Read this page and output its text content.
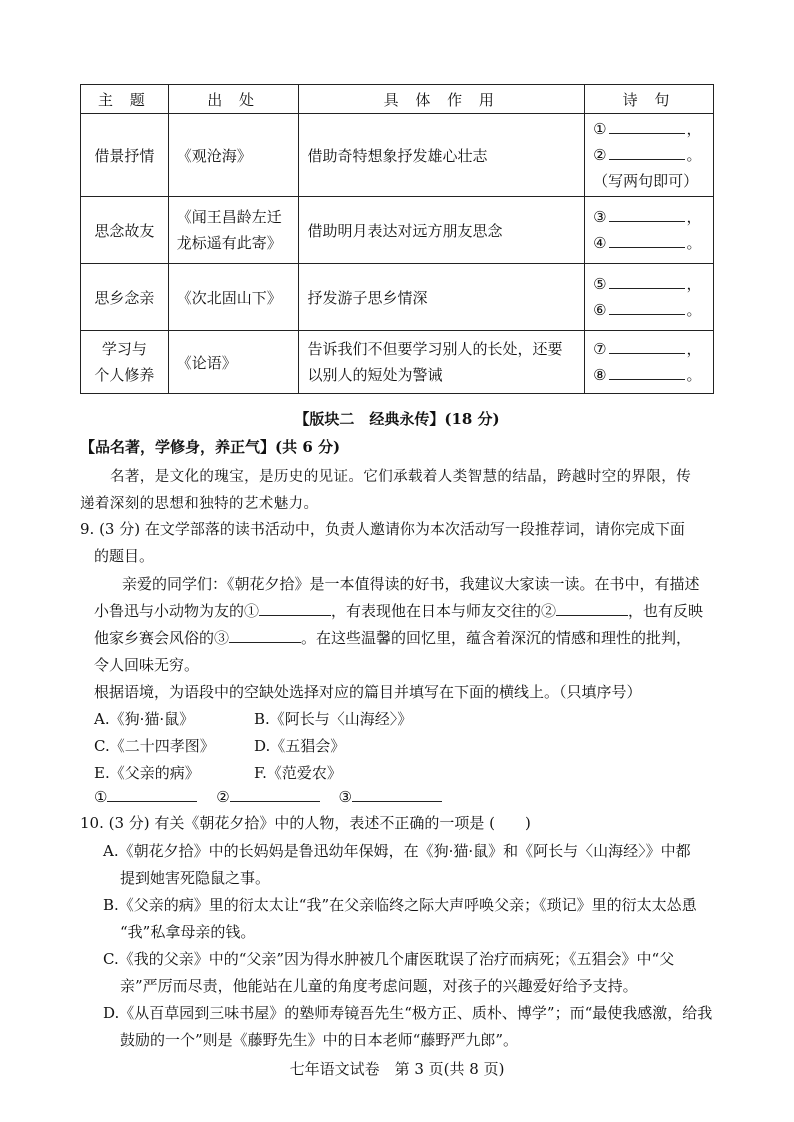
主 题	出 处	具 体 作 用	诗 句
借景抒情	《观沧海》	借助奇特想象抒发雄心壮志	① ，
② 。
（写两句即可）

思念故友	《闻王昌龄左迁
龙标遥有此寄》	借助明月表达对远方朋友思念	③ ，
④ 。

思乡念亲	《次北固山下》	抒发游子思乡情深	⑤ ，
⑥ 。

学习与
个人修养	《论语》	告诉我们不但要学习别人的长处，还要
以别人的短处为警诫	⑦ ，
⑧ 。
【版块二　经典永传】(18 分)
【品名著，学修身，养正气】(共 6 分)
名著，是文化的瑰宝，是历史的见证。它们承载着人类智慧的结晶，跨越时空的界限，传
递着深刻的思想和独特的艺术魅力。
9. (3 分) 在文学部落的读书活动中，负责人邀请你为本次活动写一段推荐词，请你完成下面
的题目。
亲爱的同学们：《朝花夕拾》是一本值得读的好书，我建议大家读一读。在书中，有描述
小鲁迅与小动物为友的①	，有表现他在日本与师友交往的②	，也有反映
他家乡赛会风俗的③	。在这些温馨的回忆里，蕴含着深沉的情感和理性的批判，
令人回味无穷。
根据语境，为语段中的空缺处选择对应的篇目并填写在下面的横线上。（只填序号）
A.《狗·猫·鼠》	B.《阿长与〈山海经〉》
C.《二十四孝图》	D.《五猖会》
E.《父亲的病》	F.《范爱农》
①	②	③
10. (3 分) 有关《朝花夕拾》中的人物，表述不正确的一项是 (　　)
A.《朝花夕拾》中的长妈妈是鲁迅幼年保姆，在《狗·猫·鼠》和《阿长与〈山海经〉》中都
提到她害死隐鼠之事。
B.《父亲的病》里的衍太太让“我”在父亲临终之际大声呼唤父亲；《琐记》里的衍太太怂恿
“我”私拿母亲的钱。
C.《我的父亲》中的“父亲”因为得水肿被几个庸医耽误了治疗而病死；《五猖会》中“父
亲”严厉而尽责，他能站在儿童的角度考虑问题，对孩子的兴趣爱好给予支持。
D.《从百草园到三味书屋》的塾师寿镜吾先生“极方正、质朴、博学”；而“最使我感激，给我
鼓励的一个”则是《藤野先生》中的日本老师“藤野严九郎”。
七年语文试卷　第 3 页(共 8 页)
